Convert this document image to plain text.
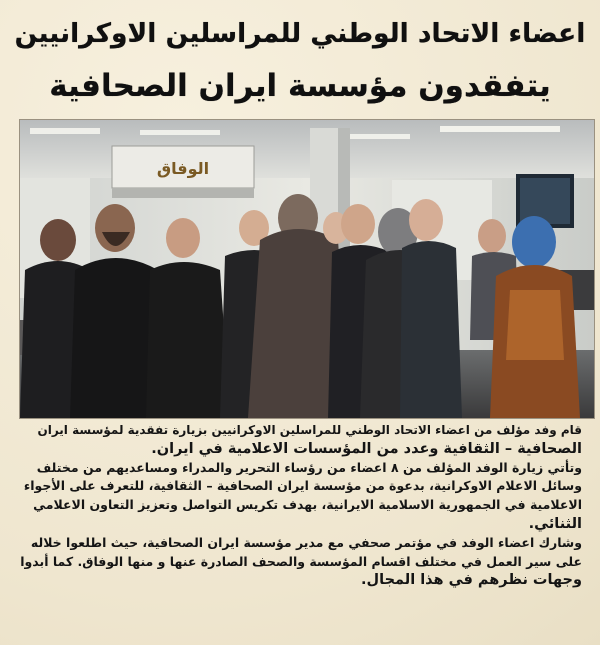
اعضاء الاتحاد الوطني للمراسلين الاوكرانيين
يتفقدون مؤسسة ايران الصحافية
الوفاق

قام وفد مؤلف من اعضاء الاتحاد الوطني للمراسلين الاوكرانيين بزيارة تفقدية لمؤسسة ايران
الصحافية – الثقافية وعدد من المؤسسات الاعلامية في ايران.

وتأتي زيارة الوفد المؤلف من ٨ اعضاء من رؤساء التحرير والمدراء ومساعديهم من مختلف
وسائل الاعلام الاوكرانية، بدعوة من مؤسسة ايران الصحافية – الثقافية، للتعرف على الأجواء
الاعلامية في الجمهورية الاسلامية الايرانية، بهدف تكريس التواصل وتعزيز التعاون الاعلامي
الثنائي.

وشارك اعضاء الوفد في مؤتمر صحفي مع مدير مؤسسة ايران الصحافية، حيث اطلعوا خلاله
على سير العمل في مختلف اقسام المؤسسة والصحف الصادرة عنها و منها الوفاق. كما أبدوا
وجهات نظرهم في هذا المجال.
